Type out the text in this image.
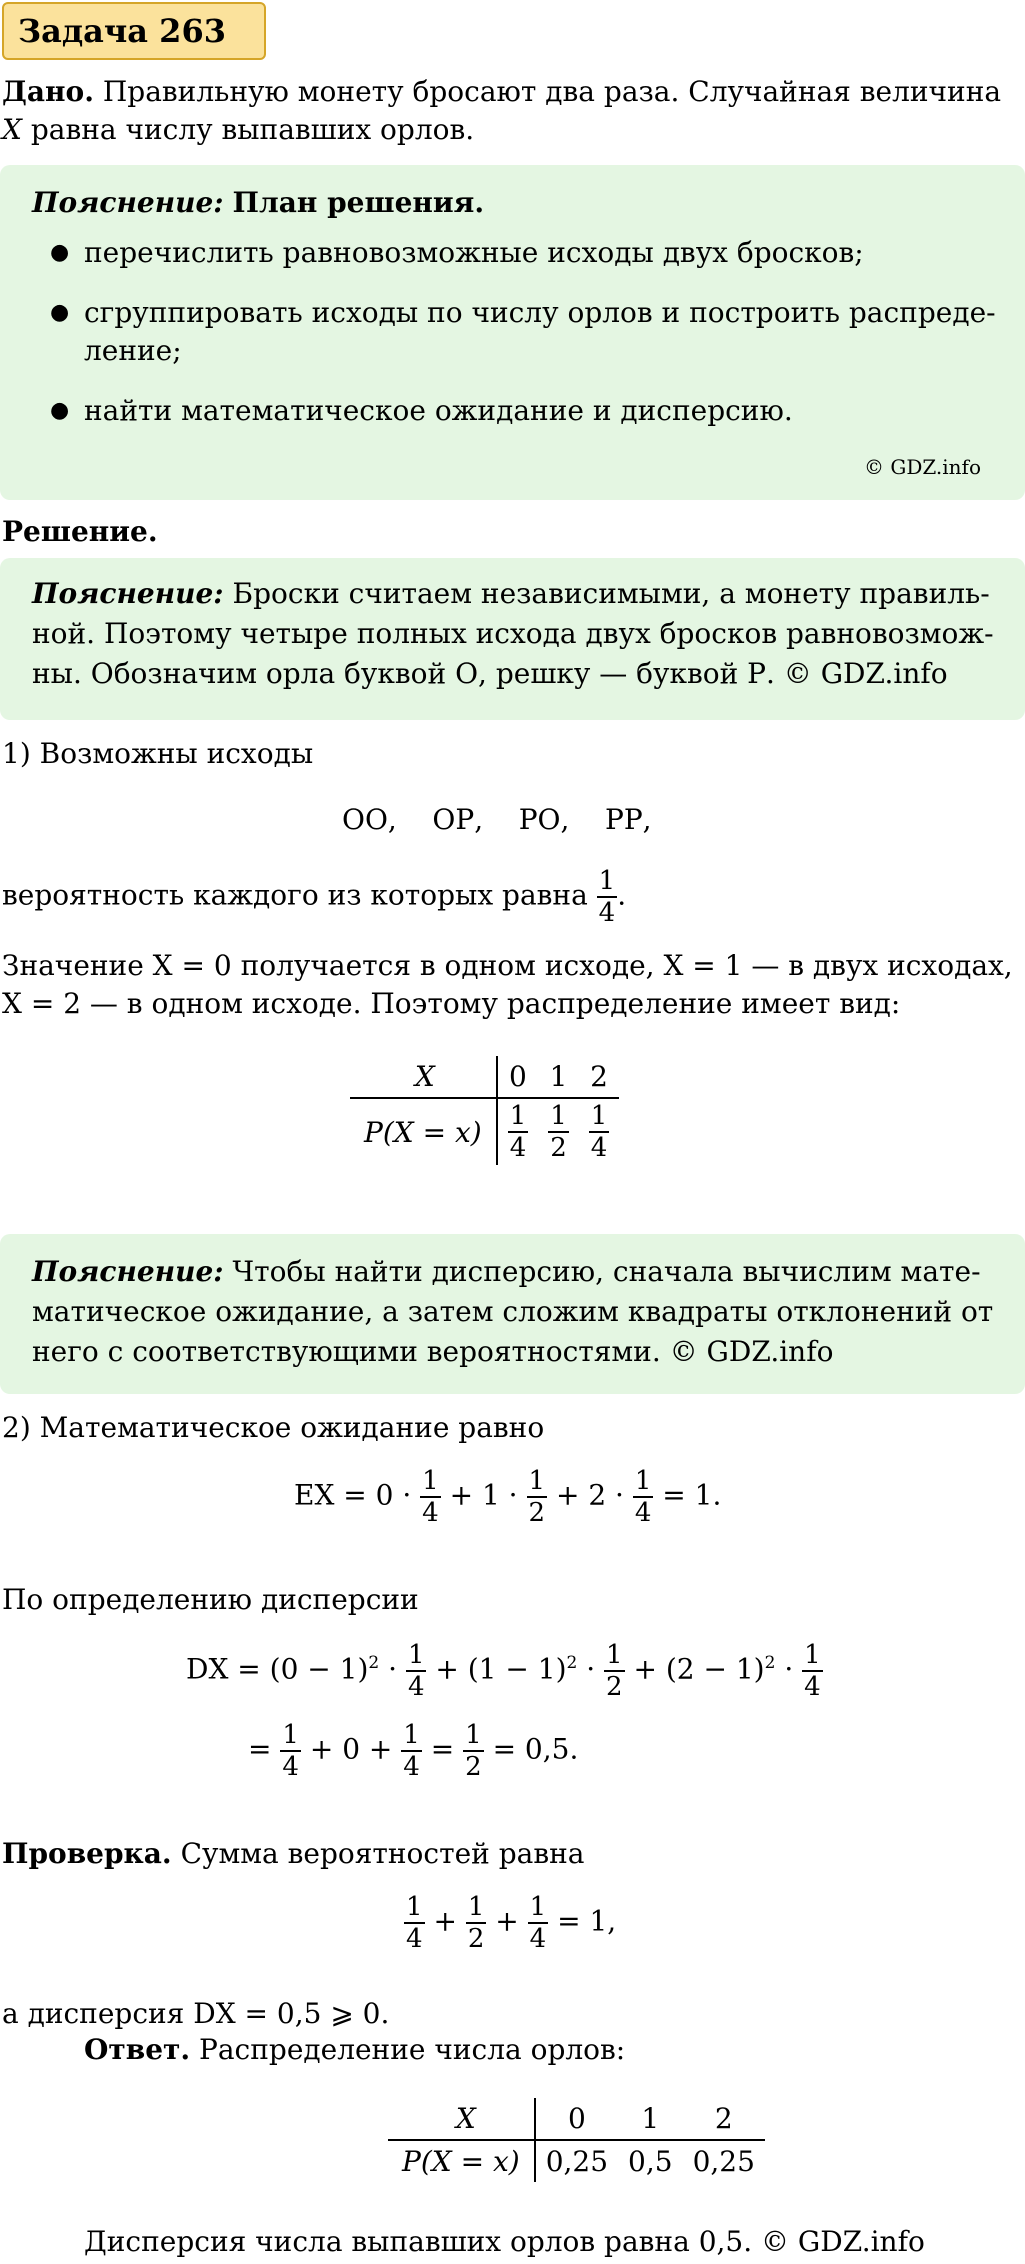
Задача 263
Дано. Правильную монету бросают два раза. Случайная величина
X равна числу выпавших орлов.
Пояснение: План решения.
● перечислить равновозможные исходы двух бросков;
● сгруппировать исходы по числу орлов и построить распреде-
ление;
● найти математическое ожидание и дисперсию.
© GDZ.info
Решение.
Пояснение: Броски считаем независимыми, а монету правиль-
ной. Поэтому четыре полных исхода двух бросков равновозмож-
ны. Обозначим орла буквой О, решку — буквой Р. © GDZ.info
1) Возможны исходы
ОО,    ОР,    РО,    РР,
вероятность каждого из которых равна $\frac{1}{4}$ .
Значение X = 0 получается в одном исходе, X = 1 — в двух исходах,
X = 2 — в одном исходе. Поэтому распределение имеет вид:
X	0	1	2
P(X = x)	$\frac{1}{4}$	$\frac{1}{2}$	$\frac{1}{4}$
Пояснение: Чтобы найти дисперсию, сначала вычислим мате-
матическое ожидание, а затем сложим квадраты отклонений от
него с соответствующими вероятностями. © GDZ.info
2) Математическое ожидание равно
EX = $0 \cdot \frac{1}{4} + 1 \cdot \frac{1}{2} + 2 \cdot \frac{1}{4} = 1$.
По определению дисперсии
DX = $(0 - 1)^2 \cdot \frac{1}{4} + (1 - 1)^2 \cdot \frac{1}{2} + (2 - 1)^2 \cdot \frac{1}{4}$
= $\frac{1}{4} + 0 + \frac{1}{4} = \frac{1}{2} = 0,5$.
Проверка. Сумма вероятностей равна
$\frac{1}{4} + \frac{1}{2} + \frac{1}{4} = 1$,
а дисперсия DX = 0,5 ⩾ 0.
Ответ. Распределение числа орлов:
X	0	1	2
P(X = x)	0,25	0,5	0,25
Дисперсия числа выпавших орлов равна 0,5. © GDZ.info
